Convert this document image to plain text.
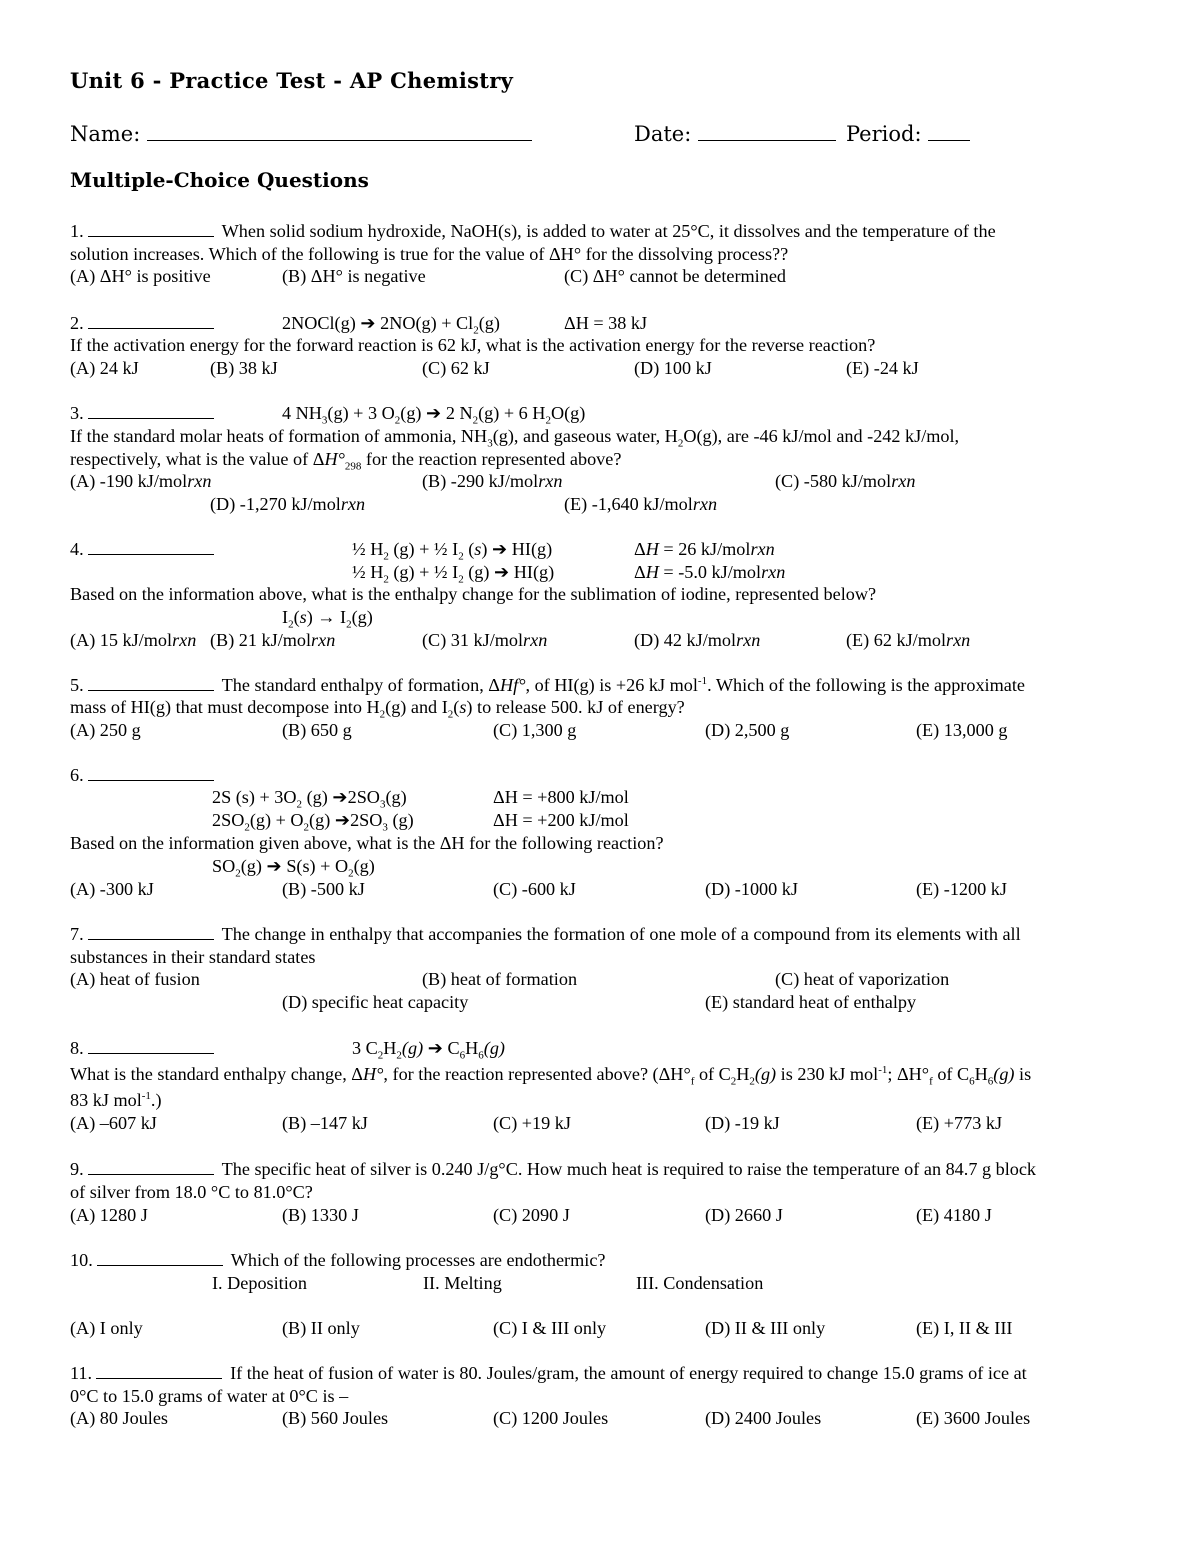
Unit 6 - Practice Test - AP Chemistry
Name:	Date:	Period:
Multiple-Choice Questions
1.	When solid sodium hydroxide, NaOH(s), is added to water at 25°C, it dissolves and the temperature of the
solution increases. Which of the following is true for the value of ΔH° for the dissolving process??
(A) ΔH° is positive	(B) ΔH° is negative	(C) ΔH° cannot be determined
2.	2NOCl(g) ➔ $2NO(g) + Cl_2(g)$	ΔH = 38 kJ
If the activation energy for the forward reaction is 62 kJ, what is the activation energy for the reverse reaction?
(A) 24 kJ	(B) 38 kJ	(C) 62 kJ	(D) 100 kJ	(E) -24 kJ
3.	4 $NH_3(g) + 3$ $O_2(g)$ ➔ 2 $N_2(g) + 6$ $H_2O(g)$
If the standard molar heats of formation of ammonia, $NH_3(g)$, and gaseous water, $H_2O(g)$, are -46 kJ/mol and -242 kJ/mol,
respectively, what is the value of $\Delta H^\circ_{298}$ for the reaction represented above?
(A) -190 kJ/molrxn	(B) -290 kJ/molrxn	(C) -580 kJ/molrxn
(D) -1,270 kJ/molrxn	(E) -1,640 kJ/molrxn
4.	½ $H_2$ (g) + ½ $I_2$ (s) ➔ HI(g)	ΔH = 26 kJ/molrxn
½ $H_2$ (g) + ½ $I_2$ (g) ➔ HI(g)	ΔH = -5.0 kJ/molrxn
Based on the information above, what is the enthalpy change for the sublimation of iodine, represented below?
$I_2(s) \to I_2(g)$
(A) 15 kJ/molrxn (B) 21 kJ/molrxn	(C) 31 kJ/molrxn	(D) 42 kJ/molrxn	(E) 62 kJ/molrxn
5.	The standard enthalpy of formation, ΔHf°, of HI(g) is +26 kJ mol$^{-1}$. Which of the following is the approximate
mass of HI(g) that must decompose into $H_2(g)$ and $I_2(s)$ to release 500. kJ of energy?
(A) 250 g	(B) 650 g	(C) 1,300 g	(D) 2,500 g	(E) 13,000 g
6.
2S $(s) + 3O_2$ (g) $➔2SO_3(g)$	ΔH = +800 kJ/mol
$2SO_2(g) + O_2(g)$ $➔2SO_3$ (g)	ΔH = +200 kJ/mol
Based on the information given above, what is the ΔH for the following reaction?
$SO_2(g)$ ➔ $S(s) + O_2(g)$
(A) -300 kJ	(B) -500 kJ	(C) -600 kJ	(D) -1000 kJ	(E) -1200 kJ
7.	The change in enthalpy that accompanies the formation of one mole of a compound from its elements with all
substances in their standard states
(A) heat of fusion	(B) heat of formation	(C) heat of vaporization
(D) specific heat capacity	(E) standard heat of enthalpy
8.	3 $C_2H_2(g)$ ➔ $C_6H_6(g)$
What is the standard enthalpy change, ΔH°, for the reaction represented above? ($\Delta H^\circ_f$ of $C_2H_2(g)$ is 230 kJ mol$^{-1}$; $\Delta H^\circ_f$ of $C_6H_6(g)$ is
83 kJ mol$^{-1}$.)
(A) –607 kJ	(B) –147 kJ	(C) +19 kJ	(D) -19 kJ	(E) +773 kJ
9.	The specific heat of silver is 0.240 J/g°C. How much heat is required to raise the temperature of an 84.7 g block
of silver from 18.0 °C to 81.0°C?
(A) 1280 J	(B) 1330 J	(C) 2090 J	(D) 2660 J	(E) 4180 J
10.	Which of the following processes are endothermic?
I. Deposition	II. Melting	III. Condensation
(A) I only	(B) II only	(C) I & III only	(D) II & III only	(E) I, II & III
11.	If the heat of fusion of water is 80. Joules/gram, the amount of energy required to change 15.0 grams of ice at
0°C to 15.0 grams of water at 0°C is –
(A) 80 Joules	(B) 560 Joules	(C) 1200 Joules	(D) 2400 Joules	(E) 3600 Joules
